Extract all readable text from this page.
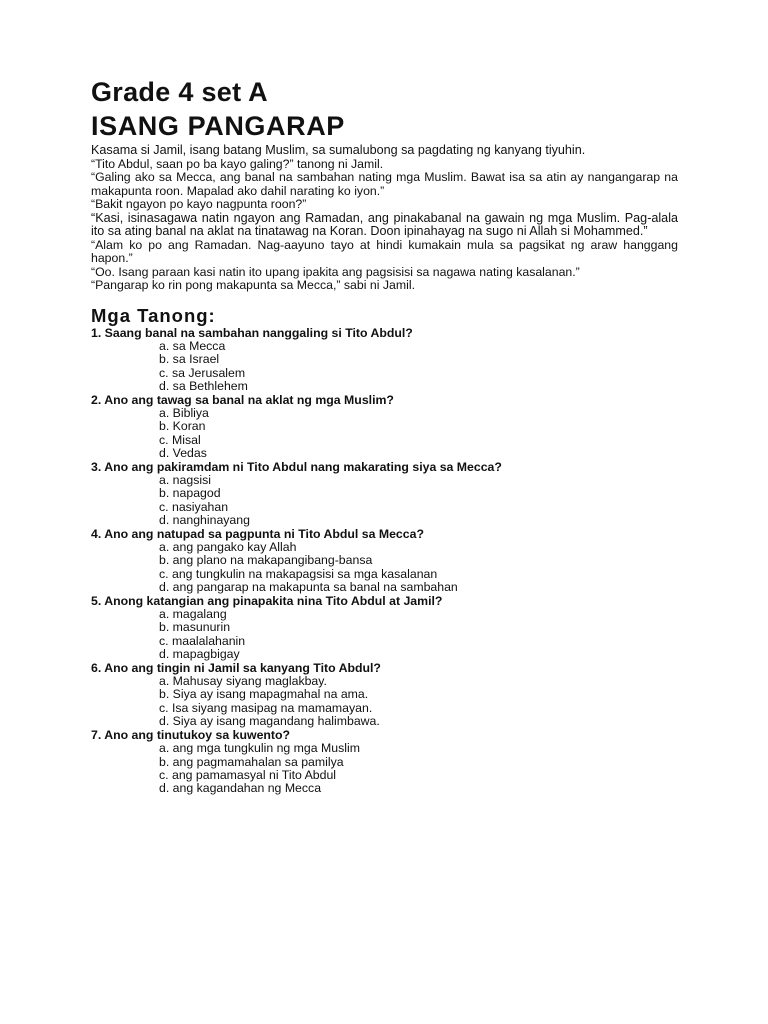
Grade 4 set A
ISANG PANGARAP

Kasama si Jamil, isang batang Muslim, sa sumalubong sa pagdating ng kanyang tiyuhin.

“Tito Abdul, saan po ba kayo galing?” tanong ni Jamil.

“Galing ako sa Mecca, ang banal na sambahan nating mga Muslim. Bawat isa sa atin ay nangangarap na makapunta roon. Mapalad ako dahil narating ko iyon.”

“Bakit ngayon po kayo nagpunta roon?”

“Kasi, isinasagawa natin ngayon ang Ramadan, ang pinakabanal na gawain ng mga Muslim. Pag-alala ito sa ating banal na aklat na tinatawag na Koran. Doon ipinahayag na sugo ni Allah si Mohammed.”

“Alam ko po ang Ramadan. Nag-aayuno tayo at hindi kumakain mula sa pagsikat ng araw hanggang hapon.”

“Oo. Isang paraan kasi natin ito upang ipakita ang pagsisisi sa nagawa nating kasalanan.”

“Pangarap ko rin pong makapunta sa Mecca,” sabi ni Jamil.

Mga Tanong:
1. Saang banal na sambahan nanggaling si Tito Abdul?
a. sa Mecca
b. sa Israel
c. sa Jerusalem
d. sa Bethlehem
2. Ano ang tawag sa banal na aklat ng mga Muslim?
a. Bibliya
b. Koran
c. Misal
d. Vedas
3. Ano ang pakiramdam ni Tito Abdul nang makarating siya sa Mecca?
a. nagsisi
b. napagod
c. nasiyahan
d. nanghinayang
4. Ano ang natupad sa pagpunta ni Tito Abdul sa Mecca?
a. ang pangako kay Allah
b. ang plano na makapangibang-bansa
c. ang tungkulin na makapagsisi sa mga kasalanan
d. ang pangarap na makapunta sa banal na sambahan
5. Anong katangian ang pinapakita nina Tito Abdul at Jamil?
a. magalang
b. masunurin
c. maalalahanin
d. mapagbigay
6. Ano ang tingin ni Jamil sa kanyang Tito Abdul?
a. Mahusay siyang maglakbay.
b. Siya ay isang mapagmahal na ama.
c. Isa siyang masipag na mamamayan.
d. Siya ay isang magandang halimbawa.
7. Ano ang tinutukoy sa kuwento?
a. ang mga tungkulin ng mga Muslim
b. ang pagmamahalan sa pamilya
c. ang pamamasyal ni Tito Abdul
d. ang kagandahan ng Mecca
